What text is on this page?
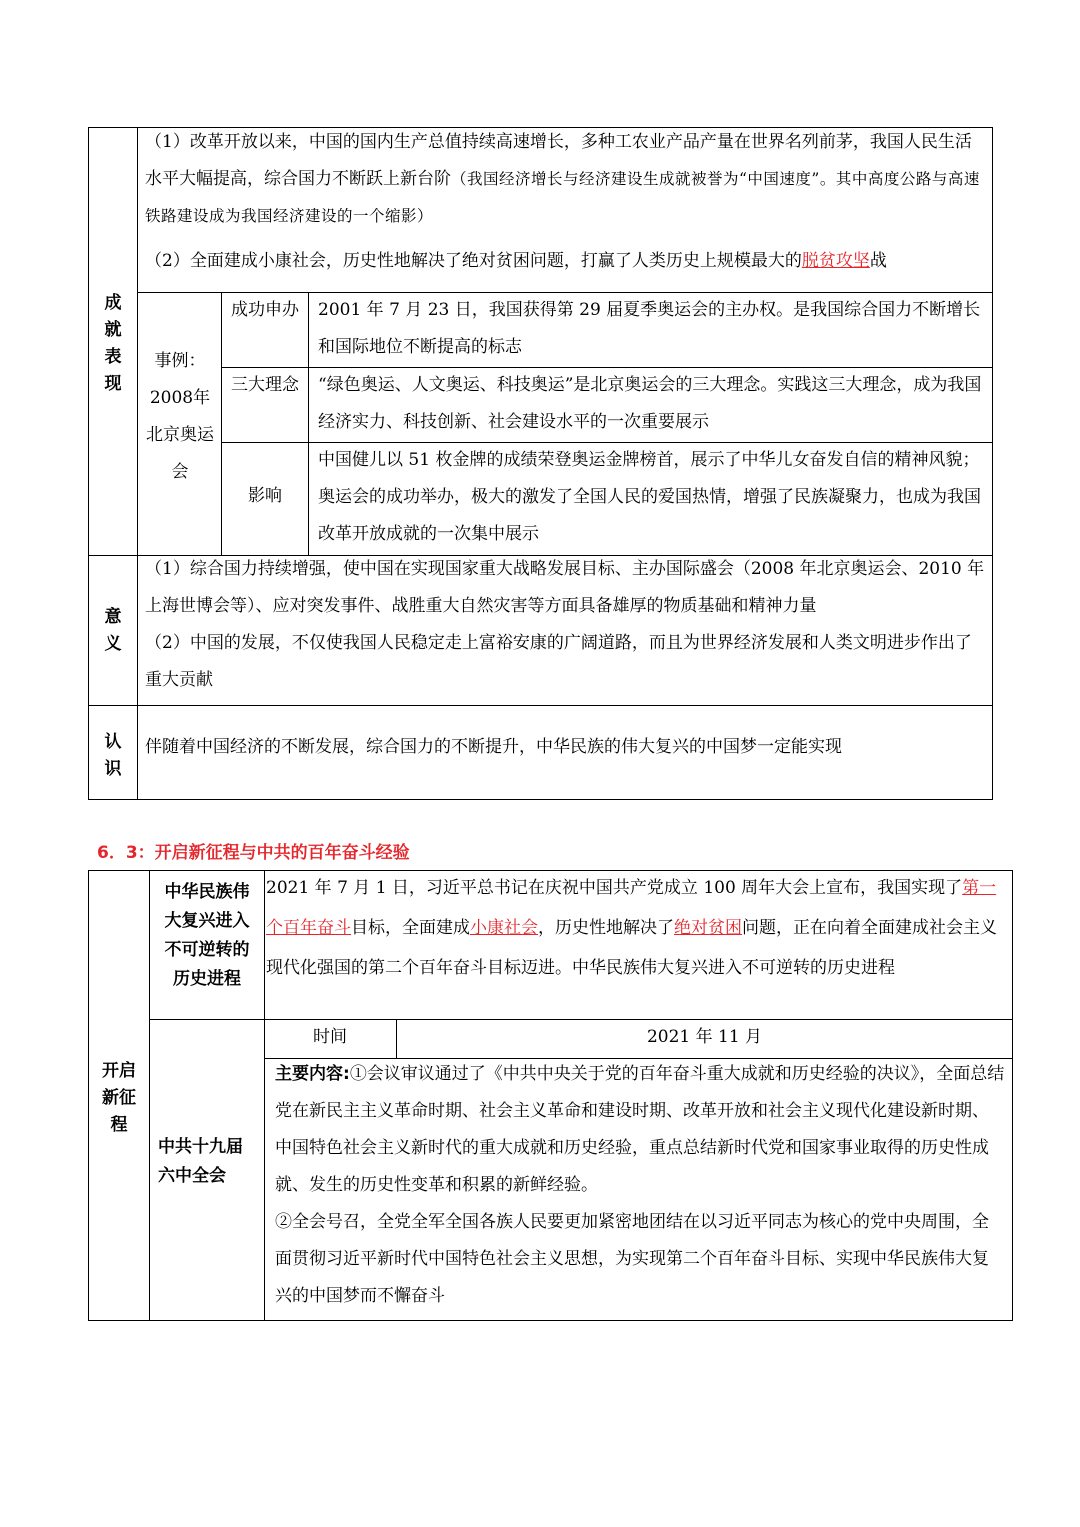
成就表现
（1）改革开放以来，中国的国内生产总值持续高速增长，多种工农业产品产量在世界名列前茅，我国人民生活水平大幅提高，综合国力不断跃上新台阶（我国经济增长与经济建设生成就被誉为“中国速度”。其中高度公路与高速铁路建设成为我国经济建设的一个缩影）
（2）全面建成小康社会，历史性地解决了绝对贫困问题，打赢了人类历史上规模最大的脱贫攻坚战
事例：2008年北京奥运会
成功申办 2001 年 7 月 23 日，我国获得第 29 届夏季奥运会的主办权。是我国综合国力不断增长和国际地位不断提高的标志
三大理念 “绿色奥运、人文奥运、科技奥运”是北京奥运会的三大理念。实践这三大理念，成为我国经济实力、科技创新、社会建设水平的一次重要展示
影响
中国健儿以 51 枚金牌的成绩荣登奥运金牌榜首，展示了中华儿女奋发自信的精神风貌；奥运会的成功举办，极大的激发了全国人民的爱国热情，增强了民族凝聚力，也成为我国改革开放成就的一次集中展示
意义
（1）综合国力持续增强，使中国在实现国家重大战略发展目标、主办国际盛会（2008 年北京奥运会、2010 年上海世博会等）、应对突发事件、战胜重大自然灾害等方面具备雄厚的物质基础和精神力量
（2）中国的发展，不仅使我国人民稳定走上富裕安康的广阔道路，而且为世界经济发展和人类文明进步作出了重大贡献
认识
伴随着中国经济的不断发展，综合国力的不断提升，中华民族的伟大复兴的中国梦一定能实现
6．3：开启新征程与中共的百年奋斗经验
开启新征程
中华民族伟大复兴进入不可逆转的历史进程
2021 年 7 月 1 日，习近平总书记在庆祝中国共产党成立 100 周年大会上宣布，我国实现了第一个百年奋斗目标，全面建成小康社会，历史性地解决了绝对贫困问题，正在向着全面建成社会主义现代化强国的第二个百年奋斗目标迈进。中华民族伟大复兴进入不可逆转的历史进程
中共十九届六中全会
时间	2021 年 11 月
主要内容:①会议审议通过了《中共中央关于党的百年奋斗重大成就和历史经验的决议》，全面总结党在新民主主义革命时期、社会主义革命和建设时期、改革开放和社会主义现代化建设新时期、中国特色社会主义新时代的重大成就和历史经验，重点总结新时代党和国家事业取得的历史性成就、发生的历史性变革和积累的新鲜经验。
②全会号召，全党全军全国各族人民要更加紧密地团结在以习近平同志为核心的党中央周围，全面贯彻习近平新时代中国特色社会主义思想，为实现第二个百年奋斗目标、实现中华民族伟大复兴的中国梦而不懈奋斗
